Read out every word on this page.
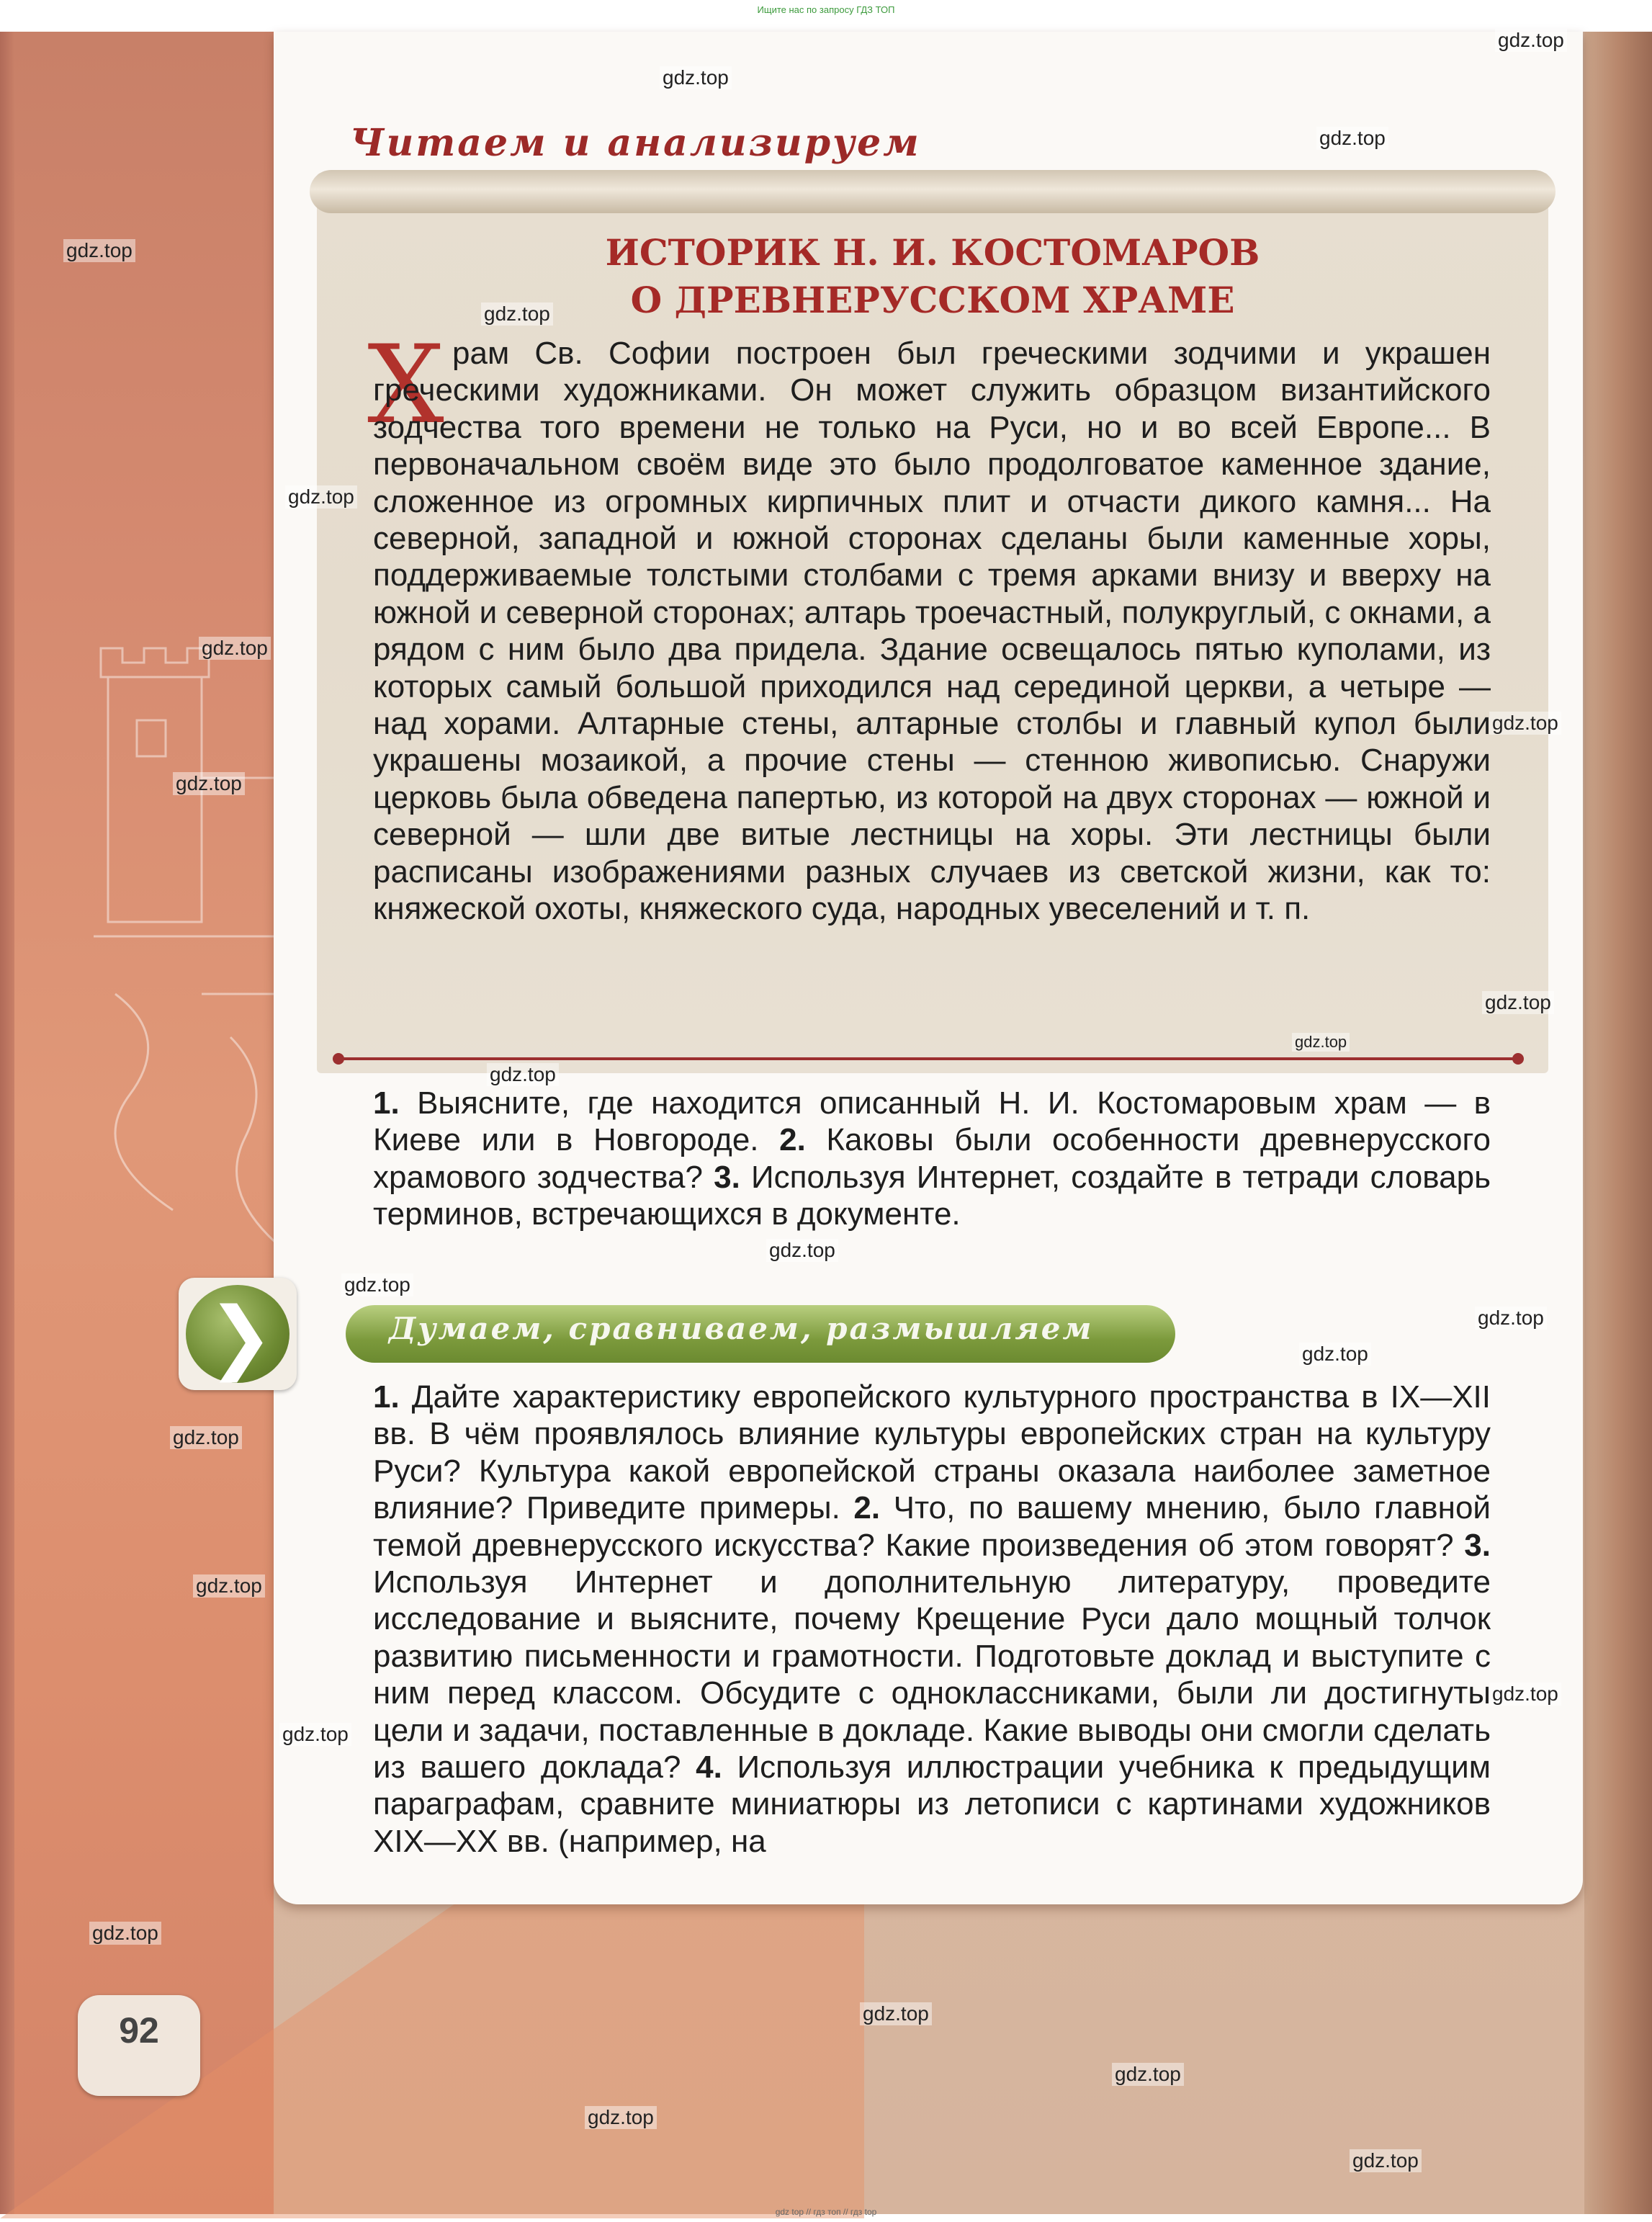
Ищите нас по запросу ГДЗ ТОП
Читаем и анализируем
ИСТОРИК Н. И. КОСТОМАРОВ
О ДРЕВНЕРУССКОМ ХРАМЕ
Х рам Св. Софии построен был греческими зодчими и украшен греческими художниками. Он может служить образцом византийского зодчества того времени не только на Руси, но и во всей Европе... В первоначальном своём виде это было продолговатое каменное здание, сложенное из огромных кирпичных плит и отчасти дикого камня... На северной, западной и южной сторонах сделаны были каменные хоры, поддерживаемые толстыми столбами с тремя арками внизу и вверху на южной и северной сторонах; алтарь троечастный, полукруглый, с окнами, а рядом с ним было два придела. Здание освещалось пятью куполами, из которых самый большой приходился над серединой церкви, а четыре — над хорами. Алтарные стены, алтарные столбы и главный купол были украшены мозаикой, а прочие стены — стенною живописью. Снаружи церковь была обведена папертью, из которой на двух сторонах — южной и северной — шли две витые лестницы на хоры. Эти лестницы были расписаны изображениями разных случаев из светской жизни, как то: княжеской охоты, княжеского суда, народных увеселений и т. п.
1. Выясните, где находится описанный Н. И. Костомаровым храм — в Киеве или в Новгороде. 2. Каковы были особенности древнерусского храмового зодчества? 3. Используя Интернет, создайте в тетради словарь терминов, встречающихся в документе.
❯	Думаем, сравниваем, размышляем
1. Дайте характеристику европейского культурного пространства в IX—XII вв. В чём проявлялось влияние культуры европейских стран на культуру Руси? Культура какой европейской страны оказала наиболее заметное влияние? Приведите примеры. 2. Что, по вашему мнению, было главной темой древнерусского искусства? Какие произведения об этом говорят? 3. Используя Интернет и дополнительную литературу, проведите исследование и выясните, почему Крещение Руси дало мощный толчок развитию письменности и грамотности. Подготовьте доклад и выступите с ним перед классом. Обсудите с одноклассниками, были ли достигнуты цели и задачи, поставленные в докладе. Какие выводы они смогли сделать из вашего доклада? 4. Используя иллюстрации учебника к предыдущим параграфам, сравните миниатюры из летописи с картинами художников XIX—XX вв. (например, на
92
gdz.top
gdz.top
gdz.top
gdz.top
gdz.top
gdz.top
gdz.top
gdz.top
gdz.top
gdz.top
gdz.top
gdz.top
gdz.top
gdz.top
gdz.top
gdz.top
gdz.top
gdz.top
gdz.top
gdz.top
gdz.top
gdz.top
gdz.top
gdz.top
gdz.top
gdz top // гдз топ // гдз top
